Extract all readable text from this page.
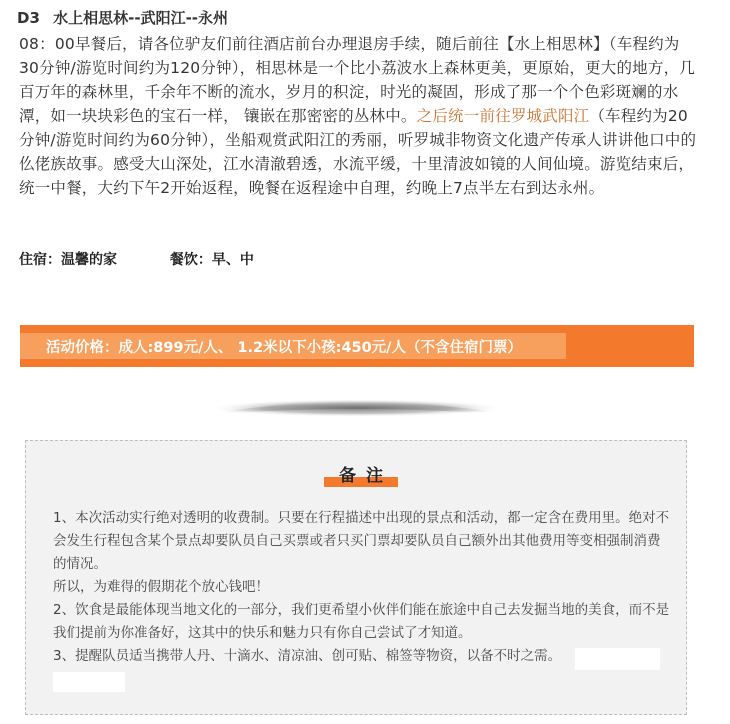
D3 水上相思林--武阳江--永州
08：00早餐后，请各位驴友们前往酒店前台办理退房手续，随后前往【水上相思林】（车程约为30分钟/游览时间约为120分钟），相思林是一个比小荔波水上森林更美，更原始，更大的地方，几百万年的森林里，千余年不断的流水，岁月的积淀，时光的凝固，形成了那一个个色彩斑斓的水潭，如一块块彩色的宝石一样， 镶嵌在那密密的丛林中。之后统一前往罗城武阳江（车程约为20分钟/游览时间约为60分钟），坐船观赏武阳江的秀丽，听罗城非物资文化遗产传承人讲讲他口中的仫佬族故事。感受大山深处，江水清澈碧透，水流平缓，十里清波如镜的人间仙境。游览结束后，统一中餐，大约下午2开始返程，晚餐在返程途中自理，约晚上7点半左右到达永州。
住宿：温馨的家	餐饮：早、中
活动价格：成人:899元/人、 1.2米以下小孩:450元/人（不含住宿门票）
备注

1、本次活动实行绝对透明的收费制。只要在行程描述中出现的景点和活动，都一定含在费用里。绝对不会发生行程包含某个景点却要队员自己买票或者只买门票却要队员自己额外出其他费用等变相强制消费的情况。

所以，为难得的假期花个放心钱吧！

2、饮食是最能体现当地文化的一部分，我们更希望小伙伴们能在旅途中自己去发掘当地的美食，而不是我们提前为你准备好，这其中的快乐和魅力只有你自己尝试了才知道。

3、提醒队员适当携带人丹、十滴水、清凉油、创可贴、棉签等物资，以备不时之需。
